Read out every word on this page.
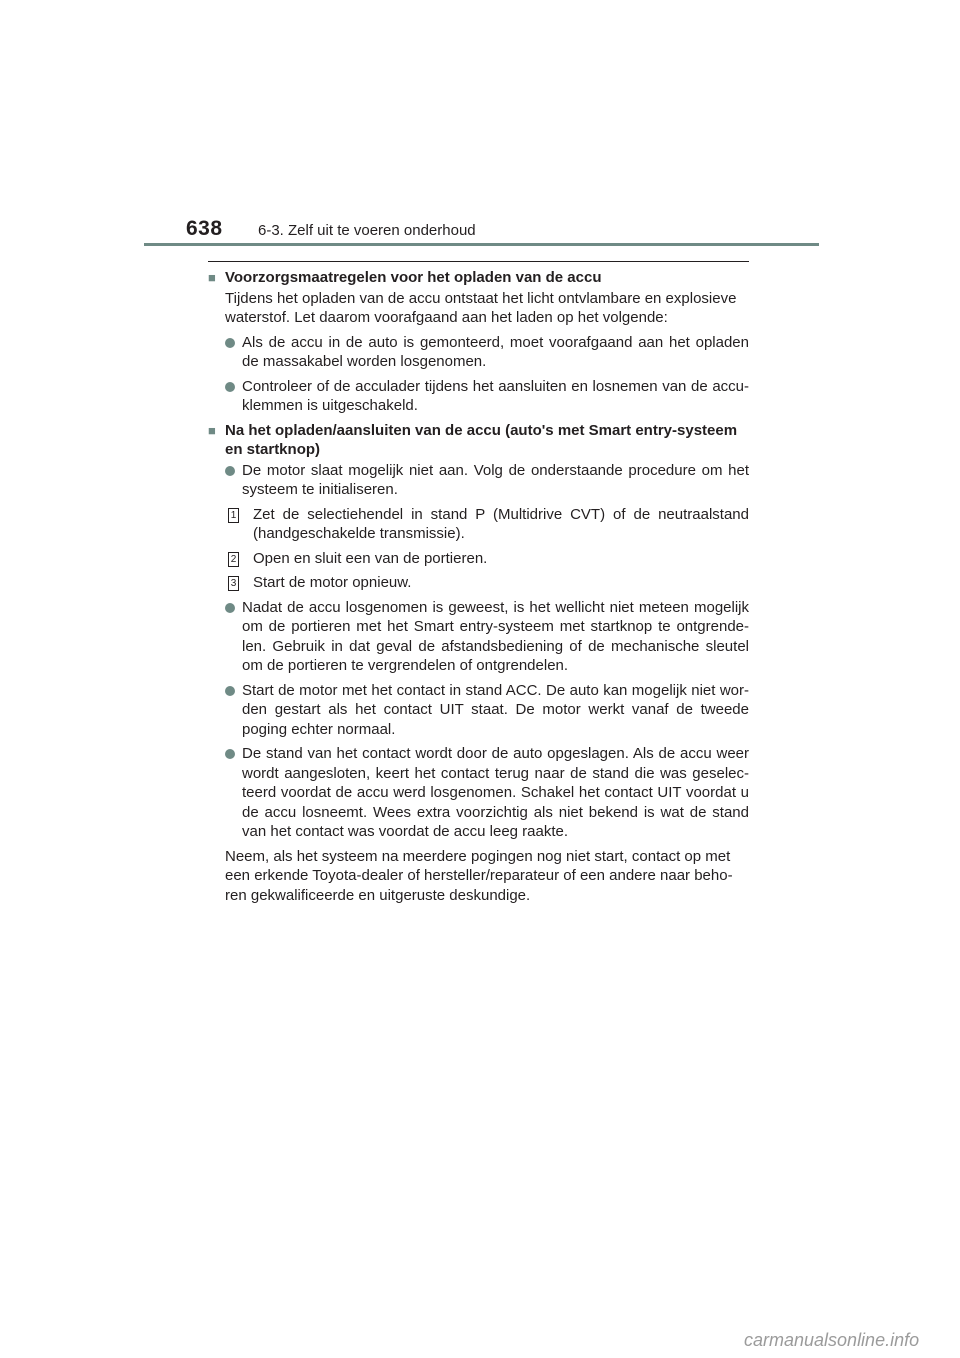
638 6-3. Zelf uit te voeren onderhoud

■ Voorzorgsmaatregelen voor het opladen van de accu

Tijdens het opladen van de accu ontstaat het licht ontvlambare en explosieve waterstof. Let daarom voorafgaand aan het laden op het volgende:

Als de accu in de auto is gemonteerd, moet voorafgaand aan het opladen de massakabel worden losgenomen.

Controleer of de acculader tijdens het aansluiten en losnemen van de accu-klemmen is uitgeschakeld.

■ Na het opladen/aansluiten van de accu (auto's met Smart entry-systeem en startknop)

De motor slaat mogelijk niet aan. Volg de onderstaande procedure om het systeem te initialiseren.

1 Zet de selectiehendel in stand P (Multidrive CVT) of de neutraalstand (handgeschakelde transmissie).

2 Open en sluit een van de portieren.

3 Start de motor opnieuw.

Nadat de accu losgenomen is geweest, is het wellicht niet meteen mogelijk om de portieren met het Smart entry-systeem met startknop te ontgrende-len. Gebruik in dat geval de afstandsbediening of de mechanische sleutel om de portieren te vergrendelen of ontgrendelen.

Start de motor met het contact in stand ACC. De auto kan mogelijk niet wor-den gestart als het contact UIT staat. De motor werkt vanaf de tweede poging echter normaal.

De stand van het contact wordt door de auto opgeslagen. Als de accu weer wordt aangesloten, keert het contact terug naar de stand die was geselec-teerd voordat de accu werd losgenomen. Schakel het contact UIT voordat u de accu losneemt. Wees extra voorzichtig als niet bekend is wat de stand van het contact was voordat de accu leeg raakte.

Neem, als het systeem na meerdere pogingen nog niet start, contact op met een erkende Toyota-dealer of hersteller/reparateur of een andere naar beho-ren gekwalificeerde en uitgeruste deskundige.

carmanualsonline.info
